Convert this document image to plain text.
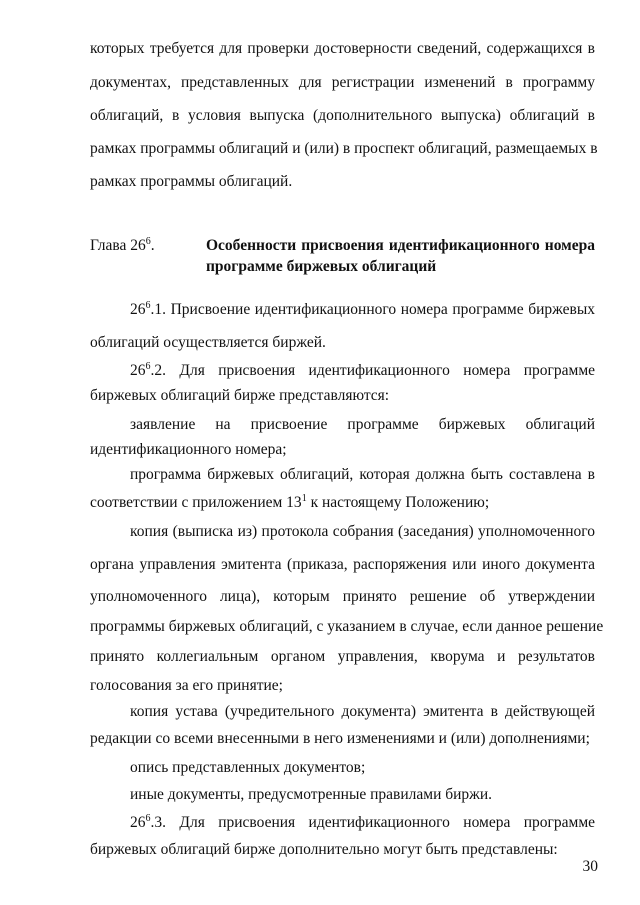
которых требуется для проверки достоверности сведений, содержащихся в
документах, представленных для регистрации изменений в программу
облигаций, в условия выпуска (дополнительного выпуска) облигаций в
рамках программы облигаций и (или) в проспект облигаций, размещаемых в
рамках программы облигаций.
Глава $26^6$.	Особенности присвоения идентификационного номера
программе биржевых облигаций
$26^6.1$. Присвоение идентификационного номера программе биржевых
облигаций осуществляется биржей.
$26^6.2$. Для присвоения идентификационного номера программе
биржевых облигаций бирже представляются:
заявление на присвоение программе биржевых облигаций
идентификационного номера;
программа биржевых облигаций, которая должна быть составлена в
соответствии с приложением $13^1$ к настоящему Положению;
копия (выписка из) протокола собрания (заседания) уполномоченного
органа управления эмитента (приказа, распоряжения или иного документа
уполномоченного лица), которым принято решение об утверждении
программы биржевых облигаций, с указанием в случае, если данное решение
принято коллегиальным органом управления, кворума и результатов
голосования за его принятие;
копия устава (учредительного документа) эмитента в действующей
редакции со всеми внесенными в него изменениями и (или) дополнениями;
опись представленных документов;
иные документы, предусмотренные правилами биржи.
$26^6.3$. Для присвоения идентификационного номера программе
биржевых облигаций бирже дополнительно могут быть представлены:
30
